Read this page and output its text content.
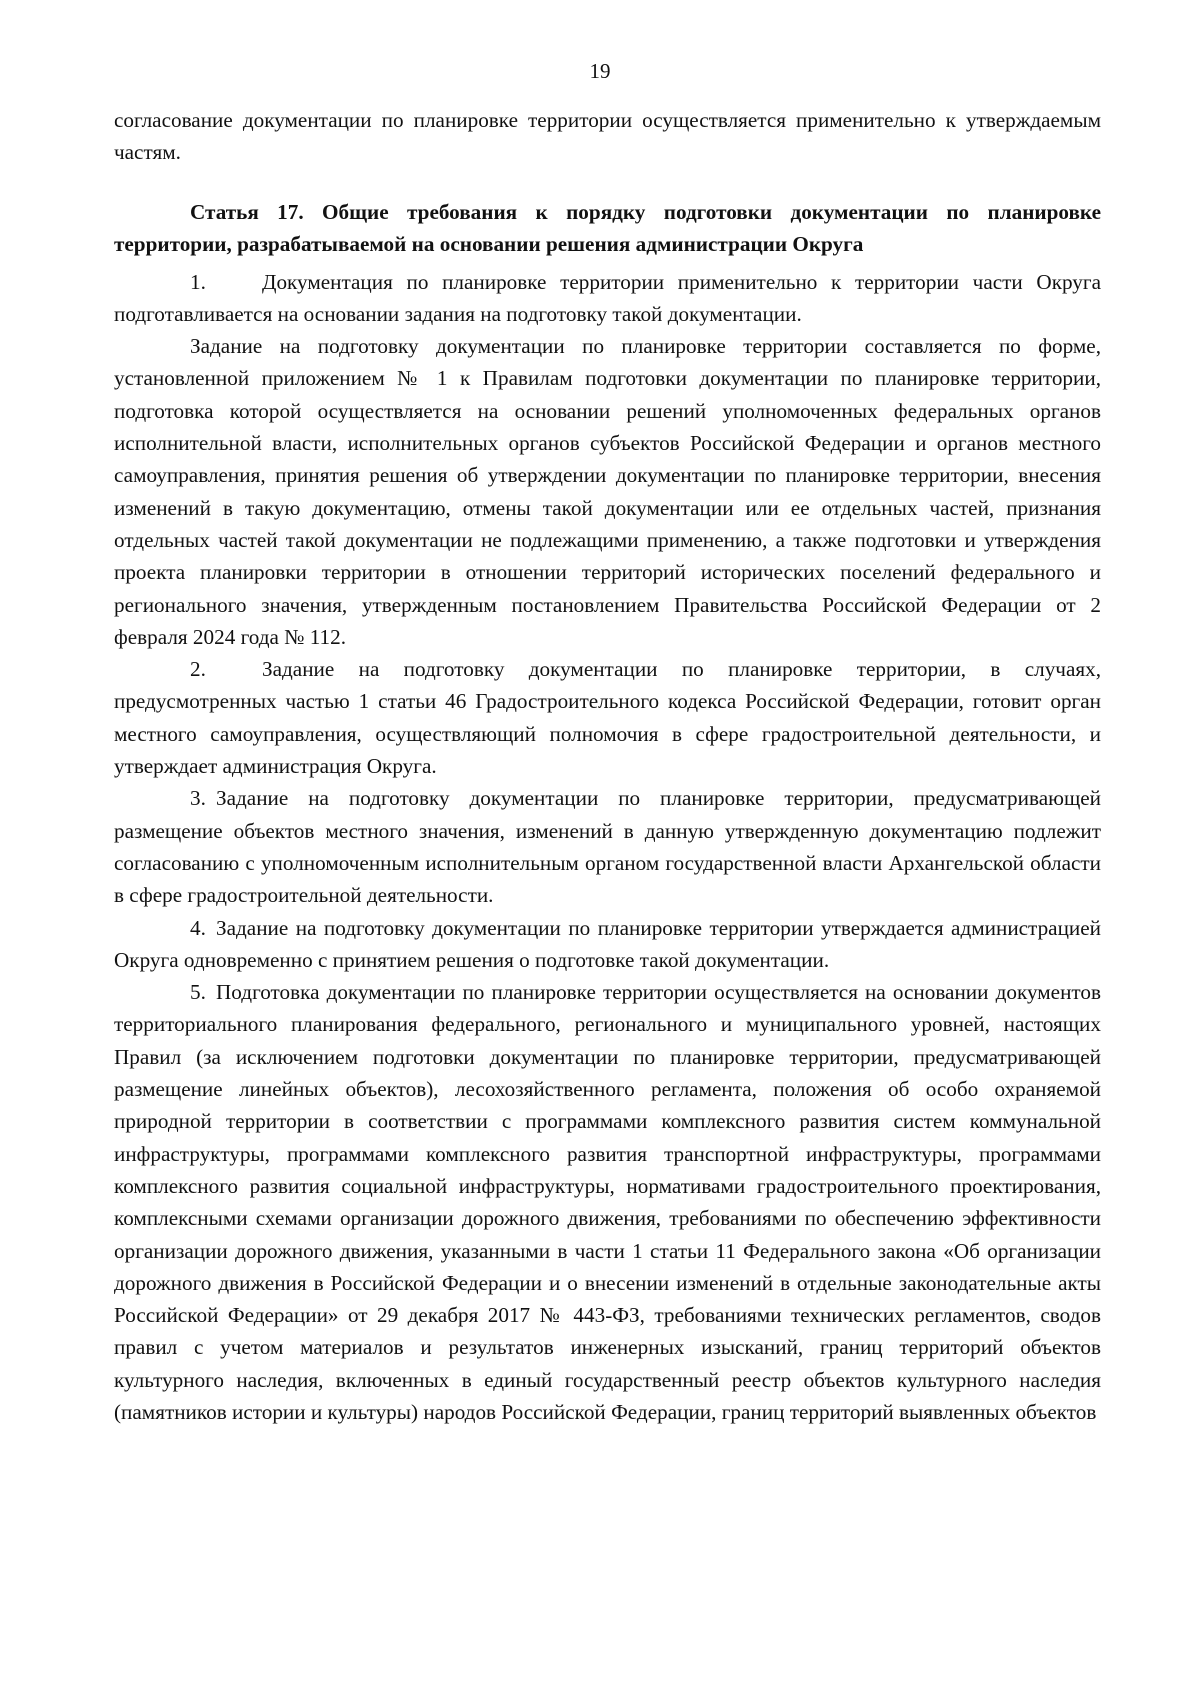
19

согласование документации по планировке территории осуществляется применительно к утверждаемым частям.

Статья 17. Общие требования к порядку подготовки документации по планировке территории, разрабатываемой на основании решения администрации Округа

1.	Документация по планировке территории применительно к территории части Округа подготавливается на основании задания на подготовку такой документации.

Задание на подготовку документации по планировке территории составляется по форме, установленной приложением № 1 к Правилам подготовки документации по планировке территории, подготовка которой осуществляется на основании решений уполномоченных федеральных органов исполнительной власти, исполнительных органов субъектов Российской Федерации и органов местного самоуправления, принятия решения об утверждении документации по планировке территории, внесения изменений в такую документацию, отмены такой документации или ее отдельных частей, признания отдельных частей такой документации не подлежащими применению, а также подготовки и утверждения проекта планировки территории в отношении территорий исторических поселений федерального и регионального значения, утвержденным постановлением Правительства Российской Федерации от 2 февраля 2024 года № 112.

2.	Задание на подготовку документации по планировке территории, в случаях, предусмотренных частью 1 статьи 46 Градостроительного кодекса Российской Федерации, готовит орган местного самоуправления, осуществляющий полномочия в сфере градостроительной деятельности, и утверждает администрация Округа.

3. Задание на подготовку документации по планировке территории, предусматривающей размещение объектов местного значения, изменений в данную утвержденную документацию подлежит согласованию с уполномоченным исполнительным органом государственной власти Архангельской области в сфере градостроительной деятельности.

4. Задание на подготовку документации по планировке территории утверждается администрацией Округа одновременно с принятием решения о подготовке такой документации.

5. Подготовка документации по планировке территории осуществляется на основании документов территориального планирования федерального, регионального и муниципального уровней, настоящих Правил (за исключением подготовки документации по планировке территории, предусматривающей размещение линейных объектов), лесохозяйственного регламента, положения об особо охраняемой природной территории в соответствии с программами комплексного развития систем коммунальной инфраструктуры, программами комплексного развития транспортной инфраструктуры, программами комплексного развития социальной инфраструктуры, нормативами градостроительного проектирования, комплексными схемами организации дорожного движения, требованиями по обеспечению эффективности организации дорожного движения, указанными в части 1 статьи 11 Федерального закона «Об организации дорожного движения в Российской Федерации и о внесении изменений в отдельные законодательные акты Российской Федерации» от 29 декабря 2017 № 443-ФЗ, требованиями технических регламентов, сводов правил с учетом материалов и результатов инженерных изысканий, границ территорий объектов культурного наследия, включенных в единый государственный реестр объектов культурного наследия (памятников истории и культуры) народов Российской Федерации, границ территорий выявленных объектов
